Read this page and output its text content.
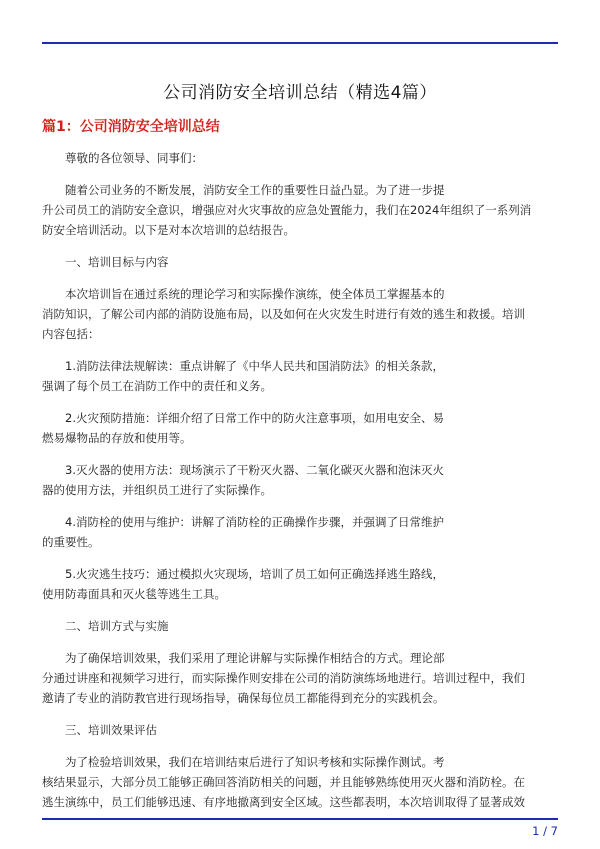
公司消防安全培训总结（精选4篇）
篇1：公司消防安全培训总结
尊敬的各位领导、同事们：
随着公司业务的不断发展，消防安全工作的重要性日益凸显。为了进一步提
升公司员工的消防安全意识，增强应对火灾事故的应急处置能力，我们在2024年组织了一系列消
防安全培训活动。以下是对本次培训的总结报告。
一、培训目标与内容
本次培训旨在通过系统的理论学习和实际操作演练，使全体员工掌握基本的
消防知识，了解公司内部的消防设施布局，以及如何在火灾发生时进行有效的逃生和救援。培训
内容包括：
1.消防法律法规解读：重点讲解了《中华人民共和国消防法》的相关条款，
强调了每个员工在消防工作中的责任和义务。
2.火灾预防措施：详细介绍了日常工作中的防火注意事项，如用电安全、易
燃易爆物品的存放和使用等。
3.灭火器的使用方法：现场演示了干粉灭火器、二氧化碳灭火器和泡沫灭火
器的使用方法，并组织员工进行了实际操作。
4.消防栓的使用与维护：讲解了消防栓的正确操作步骤，并强调了日常维护
的重要性。
5.火灾逃生技巧：通过模拟火灾现场，培训了员工如何正确选择逃生路线，
使用防毒面具和灭火毯等逃生工具。
二、培训方式与实施
为了确保培训效果，我们采用了理论讲解与实际操作相结合的方式。理论部
分通过讲座和视频学习进行，而实际操作则安排在公司的消防演练场地进行。培训过程中，我们
邀请了专业的消防教官进行现场指导，确保每位员工都能得到充分的实践机会。
三、培训效果评估
为了检验培训效果，我们在培训结束后进行了知识考核和实际操作测试。考
核结果显示，大部分员工能够正确回答消防相关的问题，并且能够熟练使用灭火器和消防栓。在
逃生演练中，员工们能够迅速、有序地撤离到安全区域。这些都表明，本次培训取得了显著成效
1 / 7
